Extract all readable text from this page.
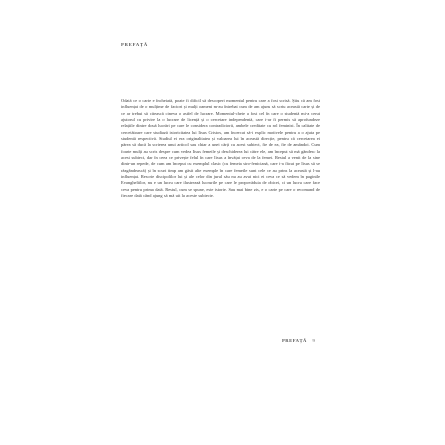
PREFAȚĂ

Odată ce o carte e încheiată, poate fi dificil să descoperi momentul pentru care a fost scrisă. Știu că am fost influențat de o mulțime de factori și mulți oameni m-au întrebat cum de am ajuns să scriu această carte și de ce ar trebui să citească cineva o astfel de lucrare. Momentul-cheie a fost cel în care o studentă mi-a cerut ajutorul cu privire la o lucrare de licență și o cercetare independentă, care i-ar fi permis să aprofundeze relațiile dintre două lucrări pe care le considera contradictorii, ambele creditate cu rol feminist. În calitate de cercetătoare care studiază istoricitatea lui Iisus Cristos, am încercat să-i explic motivele pentru a o ajuta pe studentă respectivă. Studiul ei era originalitatea și valoarea lui în această direcție, pentru că cercetarea ei părea să ducă la scrierea unui articol sau chiar a unei cărți cu acest subiect, fie de ea, fie de amândoi. Cum foarte mulți au scris despre cum vedea Iisus femeile și deschiderea lui către ele, am început să mă gândesc la acest subiect, dar în ceea ce privește felul în care Iisus a învățat ceva de la femei. Restul a venit de la sine dintr-un repede, de cum am început cu exemplul clasic (cu femeia siro-feniciană, care i-a făcut pe Iisus să se răzgândească) și în scurt timp am găsit alte exemple în care femeile sunt cele ce au prins la această și l-au influențat. Rescrie discipolilor lui și ale celor din jurul său nu au avut nici ei ceva ce să vedem în paginile Evangheliilor, nu e un lucru care ilustrează lucrurile pe care le propovăduia de obicei, ci un lucru care face ceva pentru prima dată. Restul, cum se spune, este istorie. Sau mai bine zis, e o carte pe care o recomand de fiecare dată când ajung să mă uit la aceste subiecte.

PREFAȚĂ 9
